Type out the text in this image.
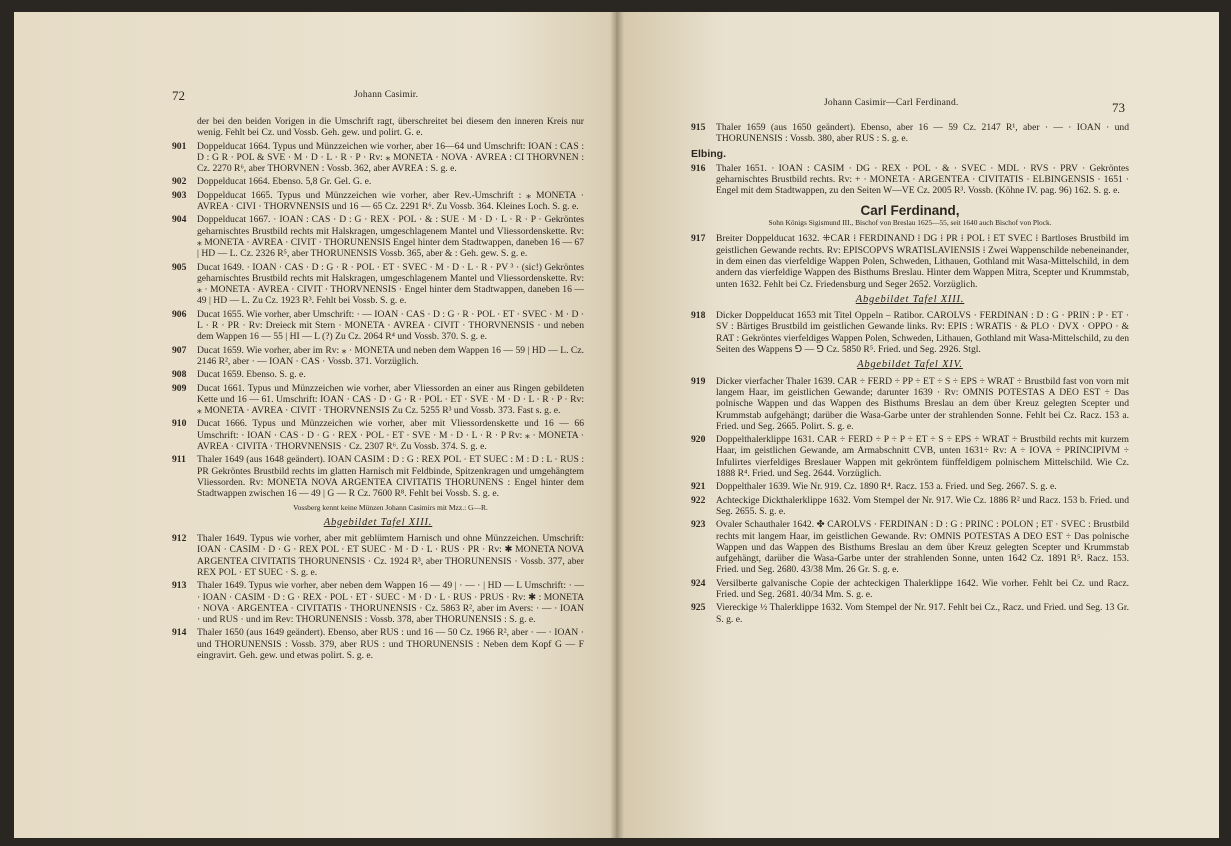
72	Johann Casimir.
der bei den beiden Vorigen in die Umschrift ragt, überschreitet bei diesem den inneren Kreis nur wenig. Fehlt bei Cz. und Vossb. Geh. gew. und polirt. G. e.
901 Doppelducat 1664. Typus und Münzzeichen wie vorher, aber 16—64 und Umschrift: IOAN : CAS : D : G R · POL & SVE · M · D · L · R · P · Rv: ⁎ MONETA · NOVA · AVREA : CI THORVNEN : Cz. 2270 R⁶, aber THORVNEN : Vossb. 362, aber AVREA : S. g. e.
902 Doppelducat 1664. Ebenso. 5,8 Gr. Gel. G. e.
903 Doppelducat 1665. Typus und Münzzeichen wie vorher, aber Rev.-Umschrift : ⁎ MONETA · AVREA · CIVI · THORVNENSIS und 16 — 65 Cz. 2291 R⁶. Zu Vossb. 364. Kleines Loch. S. g. e.
904 Doppelducat 1667. · IOAN : CAS · D : G · REX · POL · & : SUE · M · D · L · R · P · Gekröntes geharnischtes Brustbild rechts mit Halskragen, umgeschlagenem Mantel und Vliessordenskette. Rv: ⁎ MONETA · AVREA · CIVIT · THORUNENSIS Engel hinter dem Stadtwappen, daneben 16 — 67 | HD — L. Cz. 2326 R⁵, aber THORUNENSIS Vossb. 365, aber & : Geh. gew. S. g. e.
905 Ducat 1649. · IOAN · CAS · D : G · R · POL · ET · SVEC · M · D · L · R · PV ³ · (sic!) Gekröntes geharnischtes Brustbild rechts mit Halskragen, umgeschlagenem Mantel und Vliessordenskette. Rv: ⁎ · MONETA · AVREA · CIVIT · THORVNENSIS · Engel hinter dem Stadtwappen, daneben 16 — 49 | HD — L. Zu Cz. 1923 R³. Fehlt bei Vossb. S. g. e.
906 Ducat 1655. Wie vorher, aber Umschrift: · — IOAN · CAS · D : G · R · POL · ET · SVEC · M · D · L · R · PR · Rv: Dreieck mit Stern · MONETA · AVREA · CIVIT · THORVNENSIS · und neben dem Wappen 16 — 55 | HI — L (?) Zu Cz. 2064 R⁴ und Vossb. 370. S. g. e.
907 Ducat 1659. Wie vorher, aber im Rv: ⁎ · MONETA und neben dem Wappen 16 — 59 | HD — L. Cz. 2146 R², aber · — IOAN · CAS · Vossb. 371. Vorzüglich.
908 Ducat 1659. Ebenso. S. g. e.
909 Ducat 1661. Typus und Münzzeichen wie vorher, aber Vliessorden an einer aus Ringen gebildeten Kette und 16 — 61. Umschrift: IOAN · CAS · D · G · R · POL · ET · SVE · M · D · L · R · P · Rv: ⁎ MONETA · AVREA · CIVIT · THORVNENSIS Zu Cz. 5255 R³ und Vossb. 373. Fast s. g. e.
910 Ducat 1666. Typus und Münzzeichen wie vorher, aber mit Vliessordenskette und 16 — 66 Umschrift: · IOAN · CAS · D · G · REX · POL · ET · SVE · M · D · L · R · P Rv: ⁎ · MONETA · AVREA · CIVITA · THORVNENSIS · Cz. 2307 R⁶. Zu Vossb. 374. S. g. e.
911 Thaler 1649 (aus 1648 geändert). IOAN CASIM : D : G : REX POL · ET SUEC : M : D : L · RUS : PR Gekröntes Brustbild rechts im glatten Harnisch mit Feldbinde, Spitzenkragen und umgehängtem Vliessorden. Rv: MONETA NOVA ARGENTEA CIVITATIS THORUNENS : Engel hinter dem Stadtwappen zwischen 16 — 49 | G — R Cz. 7600 R⁸. Fehlt bei Vossb. S. g. e.
Vossberg kennt keine Münzen Johann Casimirs mit Mzz.: G—R.
Abgebildet Tafel XIII.
912 Thaler 1649. Typus wie vorher, aber mit geblümtem Harnisch und ohne Münzzeichen. Umschrift: IOAN · CASIM · D · G · REX POL · ET SUEC · M · D · L · RUS · PR · Rv: ✱ MONETA NOVA ARGENTEA CIVITATIS THORUNENSIS · Cz. 1924 R³, aber THORUNENSIS · Vossb. 377, aber REX POL · ET SUEC · S. g. e.
913 Thaler 1649. Typus wie vorher, aber neben dem Wappen 16 — 49 | · — · | HD — L Umschrift: · — · IOAN · CASIM · D : G · REX · POL · ET · SUEC · M · D · L · RUS · PRUS · Rv: ✱ : MONETA · NOVA · ARGENTEA · CIVITATIS · THORUNENSIS · Cz. 5863 R², aber im Avers: · — · IOAN · und RUS · und im Rev: THORUNENSIS : Vossb. 378, aber THORUNENSIS : S. g. e.
914 Thaler 1650 (aus 1649 geändert). Ebenso, aber RUS : und 16 — 50 Cz. 1966 R², aber · — · IOAN · und THORUNENSIS : Vossb. 379, aber RUS : und THORUNENSIS : Neben dem Kopf G — F eingravirt. Geh. gew. und etwas polirt. S. g. e.
Johann Casimir—Carl Ferdinand.	73
915 Thaler 1659 (aus 1650 geändert). Ebenso, aber 16 — 59 Cz. 2147 R¹, aber · — · IOAN · und THORUNENSIS : Vossb. 380, aber RUS : S. g. e.
Elbing.
916 Thaler 1651. · IOAN : CASIM · DG · REX · POL · & · SVEC · MDL · RVS · PRV · Gekröntes geharnischtes Brustbild rechts. Rv: + · MONETA · ARGENTEA · CIVITATIS · ELBINGENSIS · 1651 · Engel mit dem Stadtwappen, zu den Seiten W—VE Cz. 2005 R³. Vossb. (Köhne IV. pag. 96) 162. S. g. e.
Carl Ferdinand,
Sohn Königs Sigismund III., Bischof von Breslau 1625—55, seit 1640 auch Bischof von Plock.
917 Breiter Doppelducat 1632. ⁜CAR ⁞ FERDINAND ⁞ DG ⁞ PR ⁞ POL ⁞ ET SVEC ⁞ Bartloses Brustbild im geistlichen Gewande rechts. Rv: EPISCOPVS WRATISLAVIENSIS ⁞ Zwei Wappenschilde nebeneinander, in dem einen das vierfeldige Wappen Polen, Schweden, Lithauen, Gothland mit Wasa-Mittelschild, in dem andern das vierfeldige Wappen des Bisthums Breslau. Hinter dem Wappen Mitra, Scepter und Krummstab, unten 1632. Fehlt bei Cz. Friedensburg und Seger 2652. Vorzüglich.
Abgebildet Tafel XIII.
918 Dicker Doppelducat 1653 mit Titel Oppeln – Ratibor. CAROLVS · FERDINAN : D : G · PRIN : P · ET · SV : Bärtiges Brustbild im geistlichen Gewande links. Rv: EPIS : WRATIS · & PLO · DVX · OPPO · & RAT : Gekröntes vierfeldiges Wappen Polen, Schweden, Lithauen, Gothland mit Wasa-Mittelschild, zu den Seiten des Wappens ⅁ — ⅁ Cz. 5850 R⁵. Fried. und Seg. 2926. Stgl.
Abgebildet Tafel XIV.
919 Dicker vierfacher Thaler 1639. CAR ÷ FERD ÷ PP ÷ ET ÷ S ÷ EPS ÷ WRAT ÷ Brustbild fast von vorn mit langem Haar, im geistlichen Gewande; darunter 1639 · Rv: OMNIS POTESTAS A DEO EST ÷ Das polnische Wappen und das Wappen des Bisthums Breslau an dem über Kreuz gelegten Scepter und Krummstab aufgehängt; darüber die Wasa-Garbe unter der strahlenden Sonne. Fehlt bei Cz. Racz. 153 a. Fried. und Seg. 2665. Polirt. S. g. e.
920 Doppelthalerklippe 1631. CAR ÷ FERD ÷ P ÷ P ÷ ET ÷ S ÷ EPS ÷ WRAT ÷ Brustbild rechts mit kurzem Haar, im geistlichen Gewande, am Armabschnitt CVB, unten 1631÷ Rv: A ÷ IOVA ÷ PRINCIPIVM ÷ Infulirtes vierfeldiges Breslauer Wappen mit gekröntem fünffeldigem polnischem Mittelschild. Wie Cz. 1888 R⁴. Fried. und Seg. 2644. Vorzüglich.
921 Doppelthaler 1639. Wie Nr. 919. Cz. 1890 R⁴. Racz. 153 a. Fried. und Seg. 2667. S. g. e.
922 Achteckige Dickthalerklippe 1632. Vom Stempel der Nr. 917. Wie Cz. 1886 R² und Racz. 153 b. Fried. und Seg. 2655. S. g. e.
923 Ovaler Schauthaler 1642. ✤ CAROLVS · FERDINAN : D : G : PRINC : POLON ; ET · SVEC : Brustbild rechts mit langem Haar, im geistlichen Gewande. Rv: OMNIS POTESTAS A DEO EST ÷ Das polnische Wappen und das Wappen des Bisthums Breslau an dem über Kreuz gelegten Scepter und Krummstab aufgehängt, darüber die Wasa-Garbe unter der strahlenden Sonne, unten 1642 Cz. 1891 R⁵. Racz. 153. Fried. und Seg. 2680. 43/38 Mm. 26 Gr. S. g. e.
924 Versilberte galvanische Copie der achteckigen Thalerklippe 1642. Wie vorher. Fehlt bei Cz. und Racz. Fried. und Seg. 2681. 40/34 Mm. S. g. e.
925 Viereckige ½ Thalerklippe 1632. Vom Stempel der Nr. 917. Fehlt bei Cz., Racz. und Fried. und Seg. 13 Gr. S. g. e.
